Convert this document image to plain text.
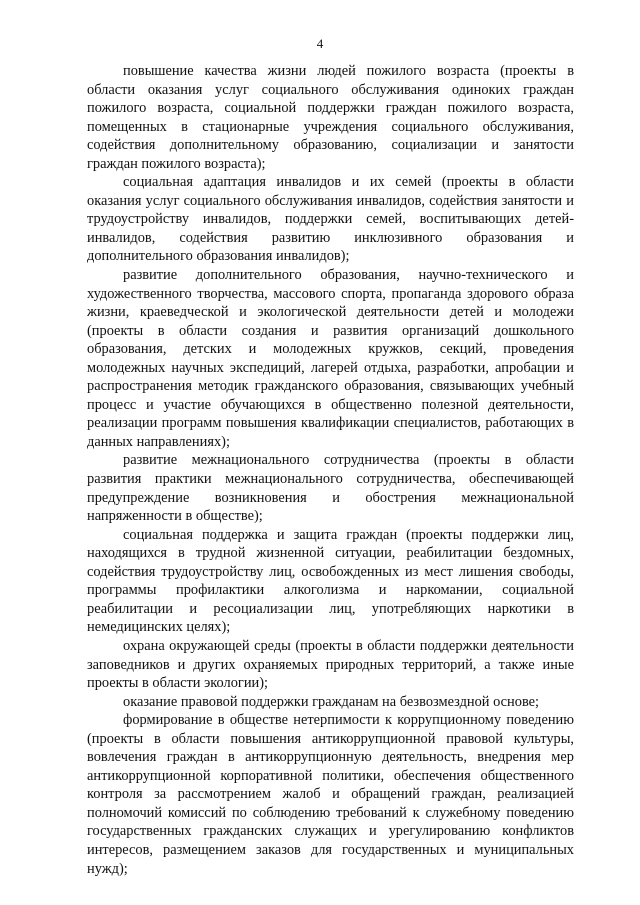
4

повышение качества жизни людей пожилого возраста (проекты в области оказания услуг социального обслуживания одиноких граждан пожилого возраста, социальной поддержки граждан пожилого возраста, помещенных в стационарные учреждения социального обслуживания, содействия дополнительному образованию, социализации и занятости граждан пожилого возраста);

социальная адаптация инвалидов и их семей (проекты в области оказания услуг социального обслуживания инвалидов, содействия занятости и трудоустройству инвалидов, поддержки семей, воспитывающих детей-инвалидов, содействия развитию инклюзивного образования и дополнительного образования инвалидов);

развитие дополнительного образования, научно-технического и художественного творчества, массового спорта, пропаганда здорового образа жизни, краеведческой и экологической деятельности детей и молодежи (проекты в области создания и развития организаций дошкольного образования, детских и молодежных кружков, секций, проведения молодежных научных экспедиций, лагерей отдыха, разработки, апробации и распространения методик гражданского образования, связывающих учебный процесс и участие обучающихся в общественно полезной деятельности, реализации программ повышения квалификации специалистов, работающих в данных направлениях);

развитие межнационального сотрудничества (проекты в области развития практики межнационального сотрудничества, обеспечивающей предупреждение возникновения и обострения межнациональной напряженности в обществе);

социальная поддержка и защита граждан (проекты поддержки лиц, находящихся в трудной жизненной ситуации, реабилитации бездомных, содействия трудоустройству лиц, освобожденных из мест лишения свободы, программы профилактики алкоголизма и наркомании, социальной реабилитации и ресоциализации лиц, употребляющих наркотики в немедицинских целях);

охрана окружающей среды (проекты в области поддержки деятельности заповедников и других охраняемых природных территорий, а также иные проекты в области экологии);

оказание правовой поддержки гражданам на безвозмездной основе;

формирование в обществе нетерпимости к коррупционному поведению (проекты в области повышения антикоррупционной правовой культуры, вовлечения граждан в антикоррупционную деятельность, внедрения мер антикоррупционной корпоративной политики, обеспечения общественного контроля за рассмотрением жалоб и обращений граждан, реализацией полномочий комиссий по соблюдению требований к служебному поведению государственных гражданских служащих и урегулированию конфликтов интересов, размещением заказов для государственных и муниципальных нужд);
